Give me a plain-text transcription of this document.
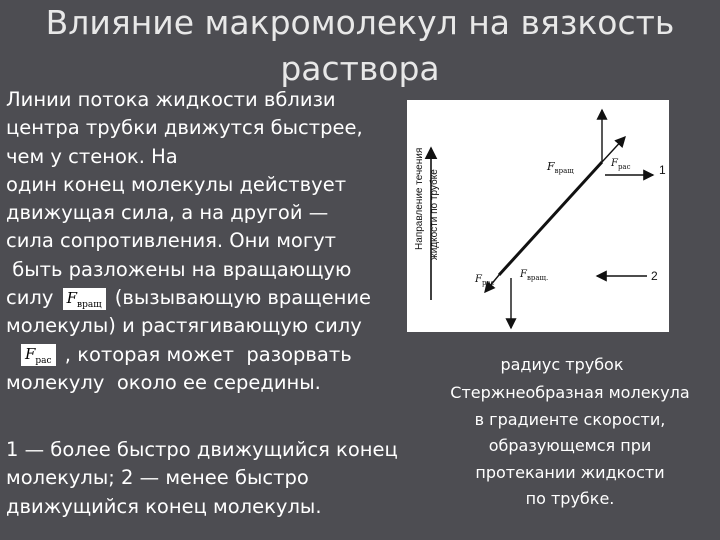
Влияние макромолекул на вязкость
раствора
Линии потока жидкости вблизи
центра трубки движутся быстрее,
чем у стенок. На
один конец молекулы действует
движущая сила, а на другой —
сила сопротивления. Они могут
быть разложены на вращающую
силу $F_{вращ}$ (вызывающую вращение
молекулы) и растягивающую силу
$F_{рас}$ , которая может  разорвать
молекулу  около ее середины.
1 — более быстро движущийся конец
молекулы; 2 — менее быстро
движущийся конец молекулы.
Направление течения жидкости по трубке
$F_{вращ}$
$F_{рас}$ 1
$F_{рас}$
$F_{вращ.}$	2
радиус трубок
Стержнеобразная молекула
в градиенте скорости,
образующемся при
протекании жидкости
по трубке.
